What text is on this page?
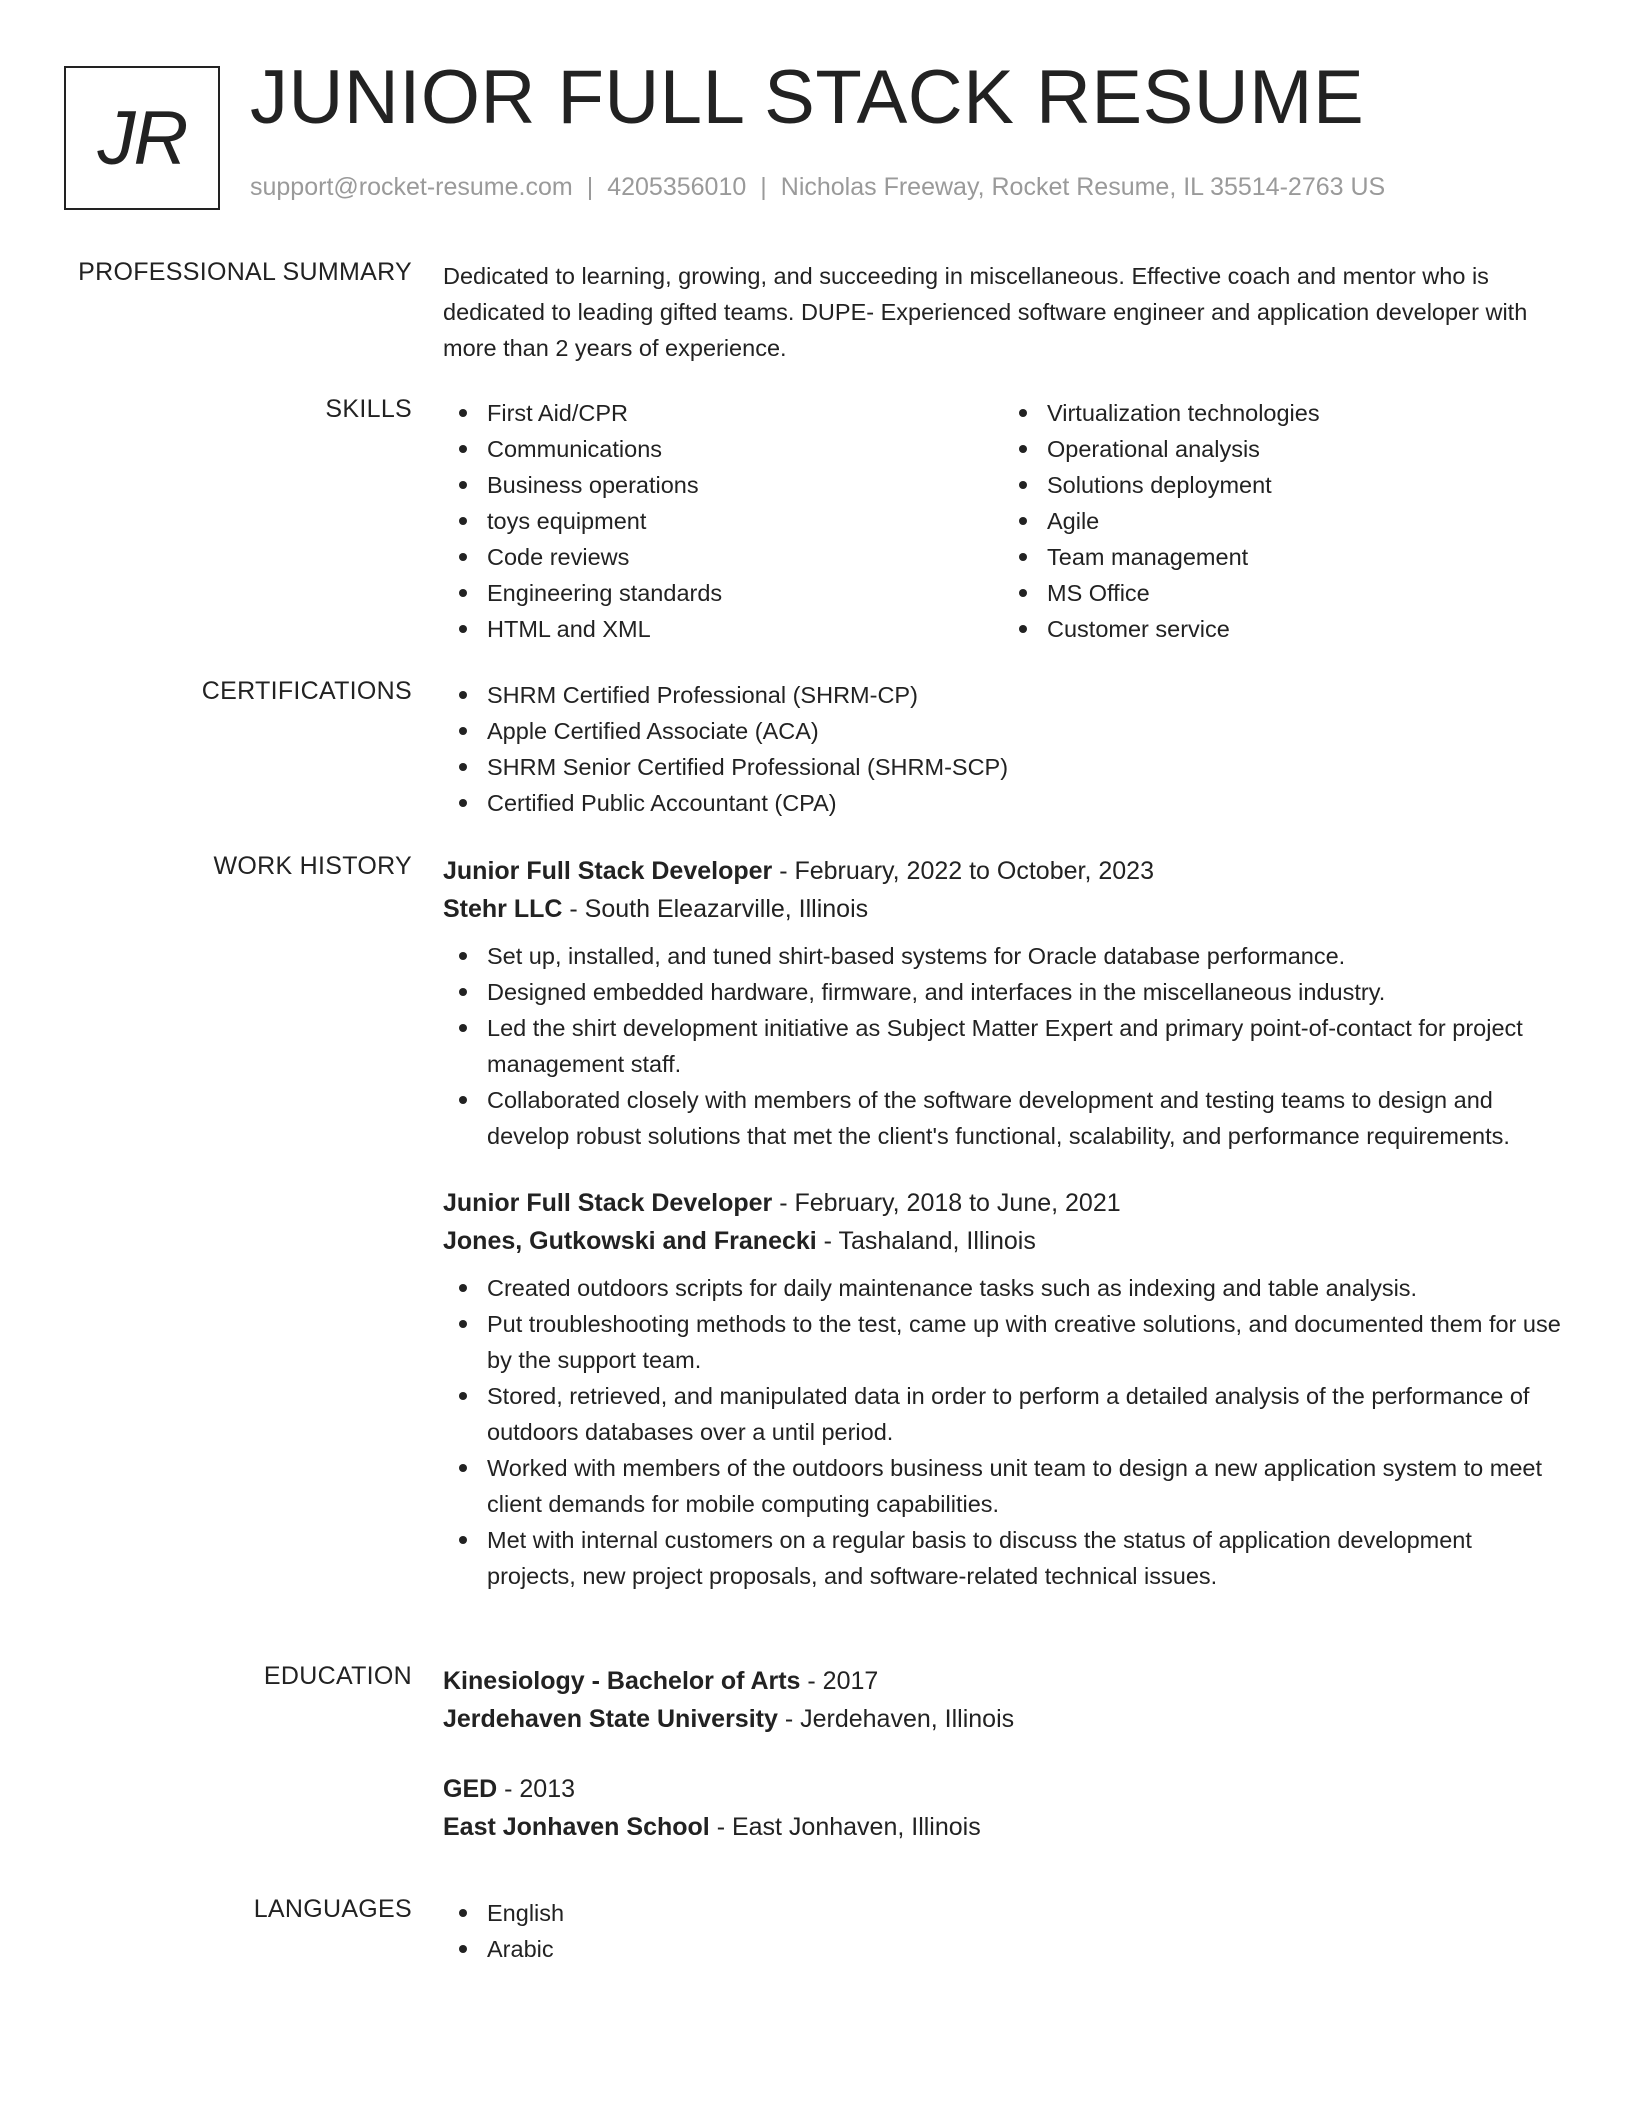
JR JUNIOR FULL STACK RESUME
support@rocket-resume.com | 4205356010 | Nicholas Freeway, Rocket Resume, IL 35514-2763 US
PROFESSIONAL SUMMARY Dedicated to learning, growing, and succeeding in miscellaneous. Effective coach and mentor who is dedicated to leading gifted teams. DUPE- Experienced software engineer and application developer with more than 2 years of experience.
SKILLS	First Aid/CPR
Communications
Business operations
toys equipment
Code reviews
Engineering standards
HTML and XML
Virtualization technologies
Operational analysis
Solutions deployment
Agile
Team management
MS Office
Customer service
CERTIFICATIONS	SHRM Certified Professional (SHRM-CP)
Apple Certified Associate (ACA)
SHRM Senior Certified Professional (SHRM-SCP)
Certified Public Accountant (CPA)
WORK HISTORY Junior Full Stack Developer - February, 2022 to October, 2023
Stehr LLC - South Eleazarville, Illinois
Set up, installed, and tuned shirt-based systems for Oracle database performance.
Designed embedded hardware, firmware, and interfaces in the miscellaneous industry.
Led the shirt development initiative as Subject Matter Expert and primary point-of-contact for project management staff.
Collaborated closely with members of the software development and testing teams to design and develop robust solutions that met the client's functional, scalability, and performance requirements.
Junior Full Stack Developer - February, 2018 to June, 2021
Jones, Gutkowski and Franecki - Tashaland, Illinois
Created outdoors scripts for daily maintenance tasks such as indexing and table analysis.
Put troubleshooting methods to the test, came up with creative solutions, and documented them for use by the support team.
Stored, retrieved, and manipulated data in order to perform a detailed analysis of the performance of outdoors databases over a until period.
Worked with members of the outdoors business unit team to design a new application system to meet client demands for mobile computing capabilities.
Met with internal customers on a regular basis to discuss the status of application development projects, new project proposals, and software-related technical issues.
EDUCATION Kinesiology - Bachelor of Arts - 2017
Jerdehaven State University - Jerdehaven, Illinois
GED - 2013
East Jonhaven School - East Jonhaven, Illinois
LANGUAGES	English
Arabic
